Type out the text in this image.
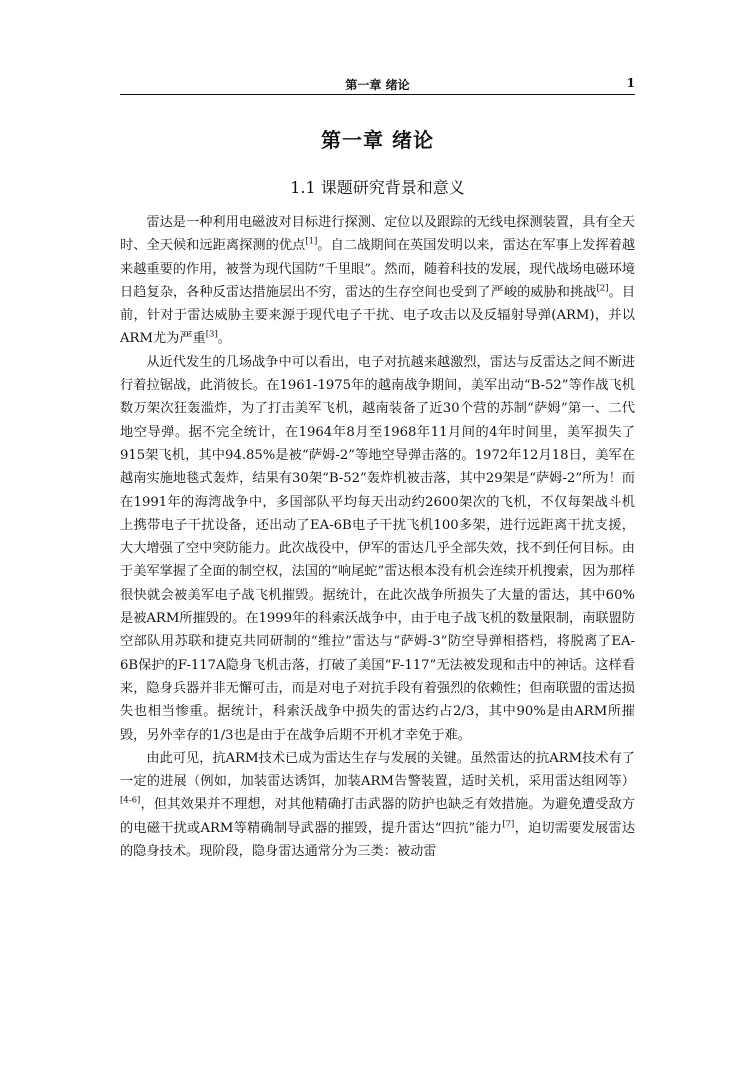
第一章 绪论	1
第一章 绪论
1.1 课题研究背景和意义

雷达是一种利用电磁波对目标进行探测、定位以及跟踪的无线电探测装置，具有全天时、全天候和远距离探测的优点[1]。自二战期间在英国发明以来，雷达在军事上发挥着越来越重要的作用，被誉为现代国防“千里眼”。然而，随着科技的发展，现代战场电磁环境日趋复杂，各种反雷达措施层出不穷，雷达的生存空间也受到了严峻的威胁和挑战[2]。目前，针对于雷达威胁主要来源于现代电子干扰、电子攻击以及反辐射导弹(ARM)，并以ARM尤为严重[3]。

从近代发生的几场战争中可以看出，电子对抗越来越激烈，雷达与反雷达之间不断进行着拉锯战，此消彼长。在1961-1975年的越南战争期间，美军出动“B-52”等作战飞机数万架次狂轰滥炸，为了打击美军飞机，越南装备了近30个营的苏制“萨姆”第一、二代地空导弹。据不完全统计，在1964年8月至1968年11月间的4年时间里，美军损失了915架飞机，其中94.85%是被“萨姆-2”等地空导弹击落的。1972年12月18日，美军在越南实施地毯式轰炸，结果有30架“B-52”轰炸机被击落，其中29架是“萨姆-2”所为！而在1991年的海湾战争中，多国部队平均每天出动约2600架次的飞机，不仅每架战斗机上携带电子干扰设备，还出动了EA-6B电子干扰飞机100多架，进行远距离干扰支援，大大增强了空中突防能力。此次战役中，伊军的雷达几乎全部失效，找不到任何目标。由于美军掌握了全面的制空权，法国的“响尾蛇”雷达根本没有机会连续开机搜索，因为那样很快就会被美军电子战飞机摧毁。据统计，在此次战争所损失了大量的雷达，其中60%是被ARM所摧毁的。在1999年的科索沃战争中，由于电子战飞机的数量限制，南联盟防空部队用苏联和捷克共同研制的“维拉”雷达与“萨姆-3”防空导弹相搭档，将脱离了EA-6B保护的F-117A隐身飞机击落，打破了美国“F-117”无法被发现和击中的神话。这样看来，隐身兵器并非无懈可击，而是对电子对抗手段有着强烈的依赖性；但南联盟的雷达损失也相当惨重。据统计，科索沃战争中损失的雷达约占2/3，其中90%是由ARM所摧毁，另外幸存的1/3也是由于在战争后期不开机才幸免于难。

由此可见，抗ARM技术已成为雷达生存与发展的关键。虽然雷达的抗ARM技术有了一定的进展（例如，加装雷达诱饵，加装ARM告警装置，适时关机，采用雷达组网等）[4-6]，但其效果并不理想，对其他精确打击武器的防护也缺乏有效措施。为避免遭受敌方的电磁干扰或ARM等精确制导武器的摧毁，提升雷达“四抗”能力[7]，迫切需要发展雷达的隐身技术。现阶段，隐身雷达通常分为三类：被动雷
